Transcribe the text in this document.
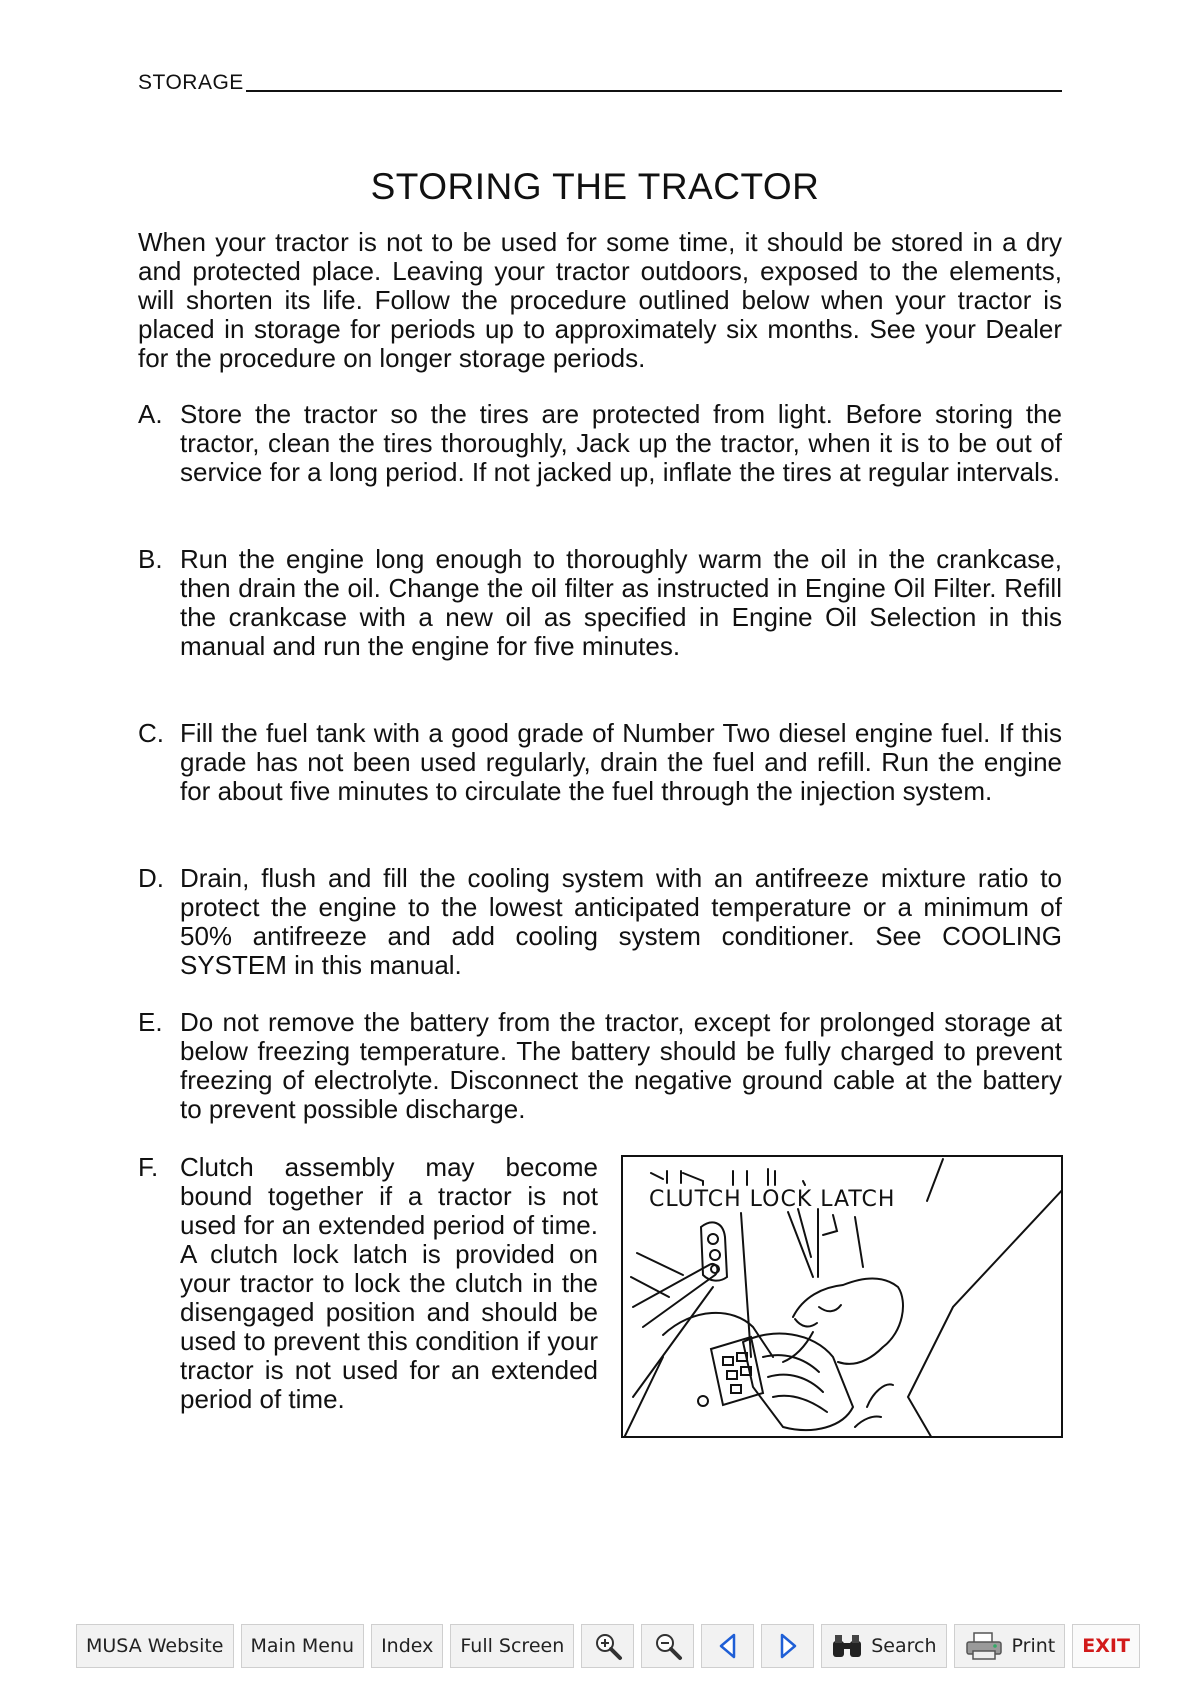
STORAGE
STORING THE TRACTOR
When your tractor is not to be used for some time, it should be stored in a dry and protected place. Leaving your tractor outdoors, exposed to the elements, will shorten its life. Follow the procedure outlined below when your tractor is placed in storage for periods up to approximately six months. See your Dealer for the procedure on longer storage periods.
A. Store the tractor so the tires are protected from light. Before storing the tractor, clean the tires thoroughly, Jack up the tractor, when it is to be out of service for a long period. If not jacked up, inflate the tires at regular intervals.
B. Run the engine long enough to thoroughly warm the oil in the crankcase, then drain the oil. Change the oil filter as instructed in Engine Oil Filter. Refill the crankcase with a new oil as specified in Engine Oil Selection in this manual and run the engine for five minutes.
C. Fill the fuel tank with a good grade of Number Two diesel engine fuel. If this grade has not been used regularly, drain the fuel and refill. Run the engine for about five minutes to circulate the fuel through the injection system.
D. Drain, flush and fill the cooling system with an antifreeze mixture ratio to protect the engine to the lowest anticipated temperature or a minimum of 50% antifreeze and add cooling system conditioner. See COOLING SYSTEM in this manual.
E. Do not remove the battery from the tractor, except for prolonged storage at below freezing temperature. The battery should be fully charged to prevent freezing of electrolyte. Disconnect the negative ground cable at the battery to prevent possible discharge.
F. Clutch assembly may become bound together if a tractor is not used for an extended period of time. A clutch lock latch is provided on your tractor to lock the clutch in the disengaged position and should be used to prevent this condition if your tractor is not used for an extended period of time.
CLUTCH LOCK LATCH
MUSA Website Main Menu Index Full Screen	Search	Print EXIT
